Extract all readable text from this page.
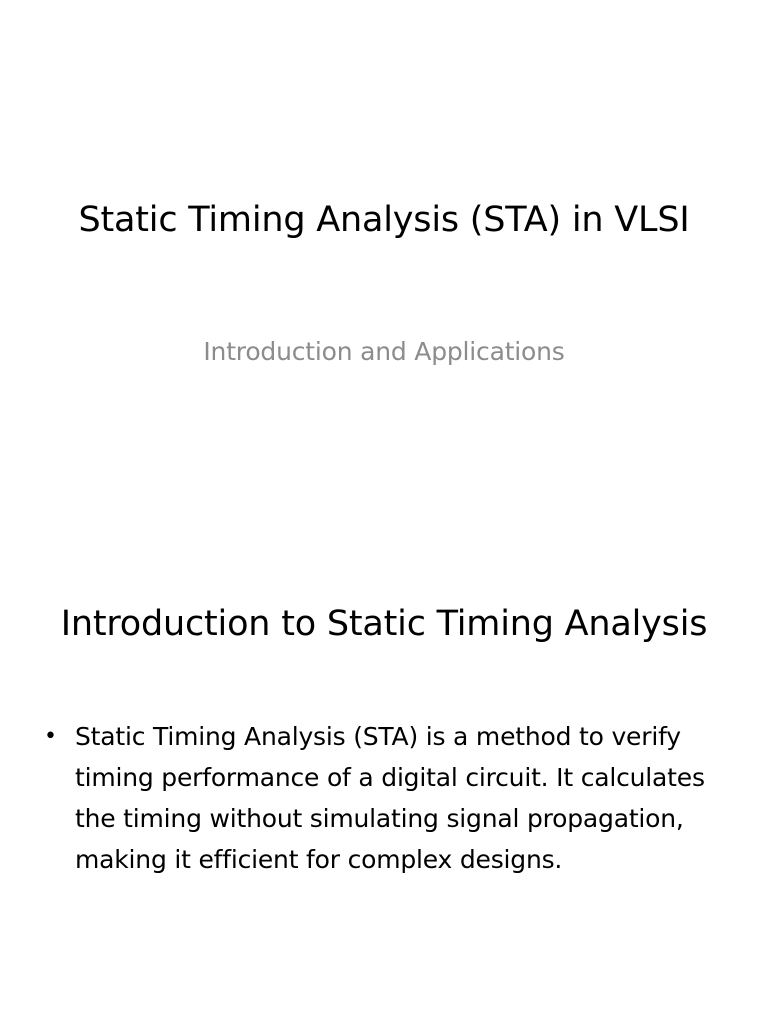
Static Timing Analysis (STA) in VLSI

Introduction and Applications

Introduction to Static Timing Analysis
• Static Timing Analysis (STA) is a method to verify timing performance of a digital circuit. It calculates the timing without simulating signal propagation, making it efficient for complex designs.
